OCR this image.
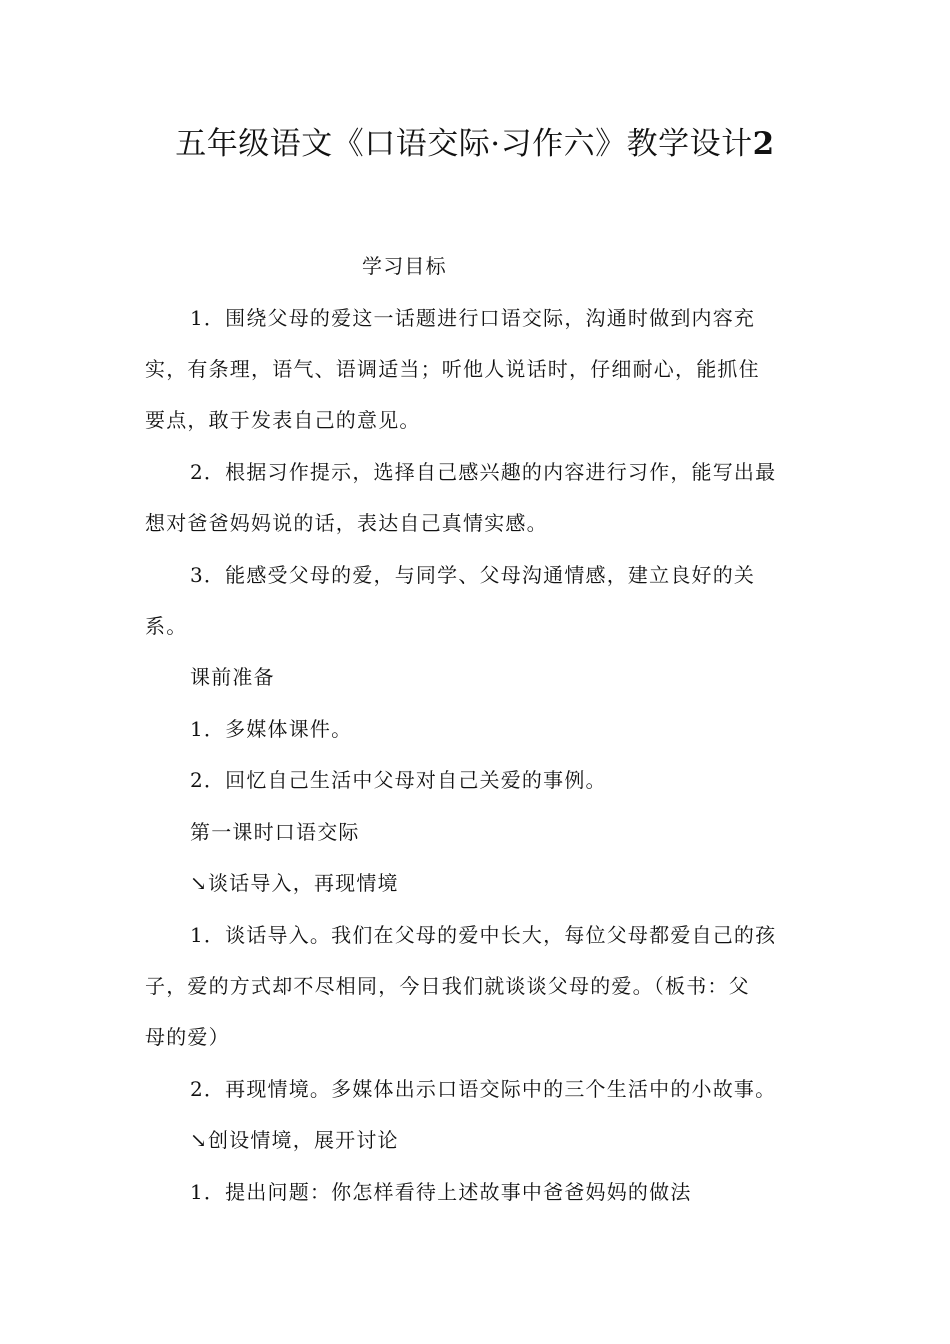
五年级语文《口语交际·习作六》教学设计2

学习目标

1．围绕父母的爱这一话题进行口语交际，沟通时做到内容充

实，有条理，语气、语调适当；听他人说话时，仔细耐心，能抓住

要点，敢于发表自己的意见。

2．根据习作提示，选择自己感兴趣的内容进行习作，能写出最

想对爸爸妈妈说的话，表达自己真情实感。

3．能感受父母的爱，与同学、父母沟通情感，建立良好的关

系。

课前准备

1．多媒体课件。

2．回忆自己生活中父母对自己关爱的事例。

第一课时口语交际

↘谈话导入，再现情境

1．谈话导入。我们在父母的爱中长大，每位父母都爱自己的孩

子，爱的方式却不尽相同，今日我们就谈谈父母的爱。（板书：父

母的爱）

2．再现情境。多媒体出示口语交际中的三个生活中的小故事。

↘创设情境，展开讨论

1．提出问题：你怎样看待上述故事中爸爸妈妈的做法
